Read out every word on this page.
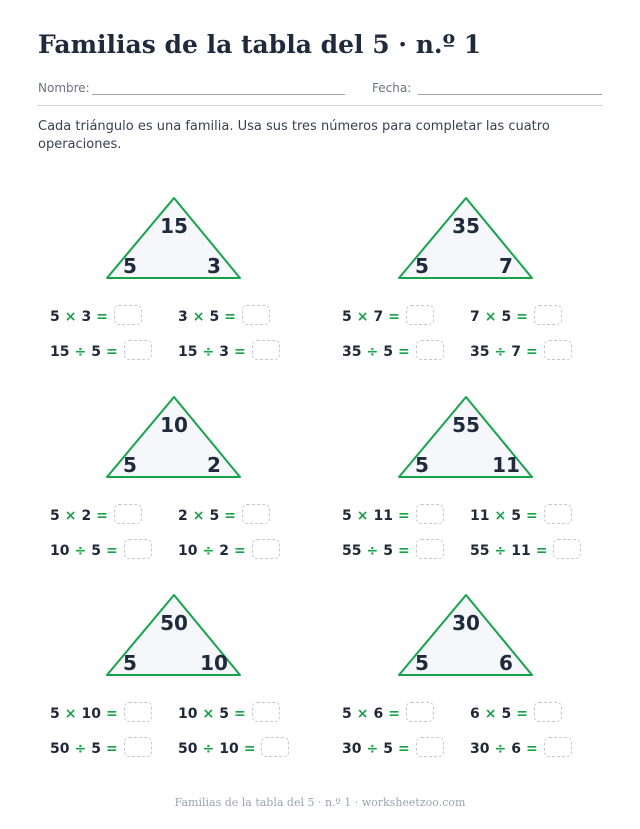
Familias de la tabla del 5 · n.º 1
Nombre:	Fecha:
Cada triángulo es una familia. Usa sus tres números para completar las cuatro operaciones.
15
5	3
5 × 3 =	3 × 5 =
15 ÷ 5 =	15 ÷ 3 =
35
5	7
5 × 7 =	7 × 5 =
35 ÷ 5 =	35 ÷ 7 =
10
5	2
5 × 2 =	2 × 5 =
10 ÷ 5 =	10 ÷ 2 =
55
5	11
5 × 11 =	11 × 5 =
55 ÷ 5 =	55 ÷ 11 =
50
5	10
5 × 10 =	10 × 5 =
50 ÷ 5 =	50 ÷ 10 =
30
5	6
5 × 6 =	6 × 5 =
30 ÷ 5 =	30 ÷ 6 =
Familias de la tabla del 5 · n.º 1 · worksheetzoo.com
